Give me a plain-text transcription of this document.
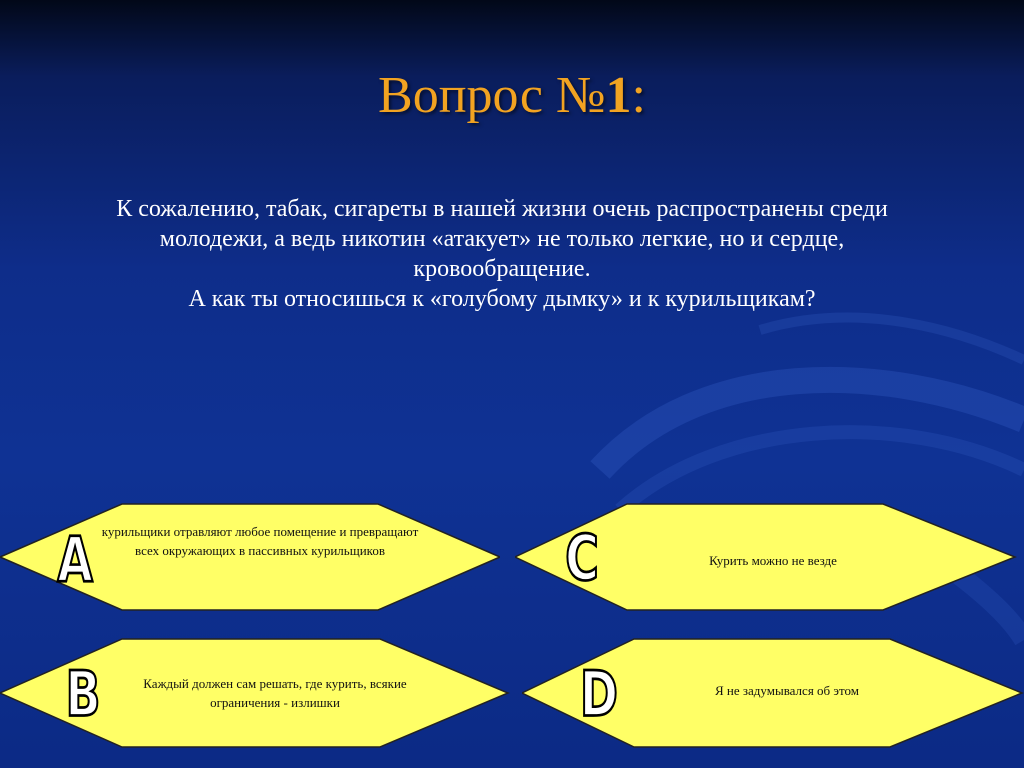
Вопрос №1:

К сожалению, табак, сигареты в нашей жизни очень распространены среди молодежи, а ведь никотин «атакует» не только легкие, но и сердце, кровообращение.

А как ты относишься к «голубому дымку» и к курильщикам?

A курильщики отравляют любое помещение и превращают всех окружающих в пассивных курильщиков	C	Курить можно не везде
B	Каждый должен сам решать, где курить, всякие ограничения - излишки	D	Я не задумывался об этом
